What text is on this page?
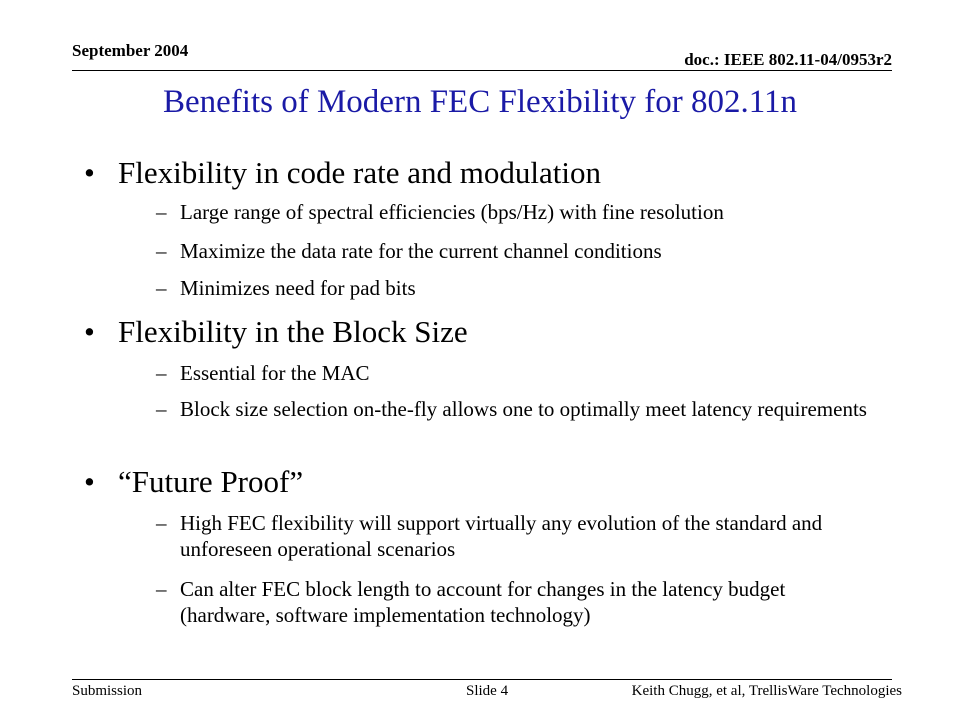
September 2004	doc.: IEEE 802.11-04/0953r2
Benefits of Modern FEC Flexibility for 802.11n
• Flexibility in code rate and modulation
– Large range of spectral efficiencies (bps/Hz) with fine resolution
– Maximize the data rate for the current channel conditions
– Minimizes need for pad bits
• Flexibility in the Block Size
– Essential for the MAC
– Block size selection on-the-fly allows one to optimally meet latency requirements
• “Future Proof”
– High FEC flexibility will support virtually any evolution of the standard and unforeseen operational scenarios
– Can alter FEC block length to account for changes in the latency budget (hardware, software implementation technology)
Submission	Slide 4	Keith Chugg, et al, TrellisWare Technologies
